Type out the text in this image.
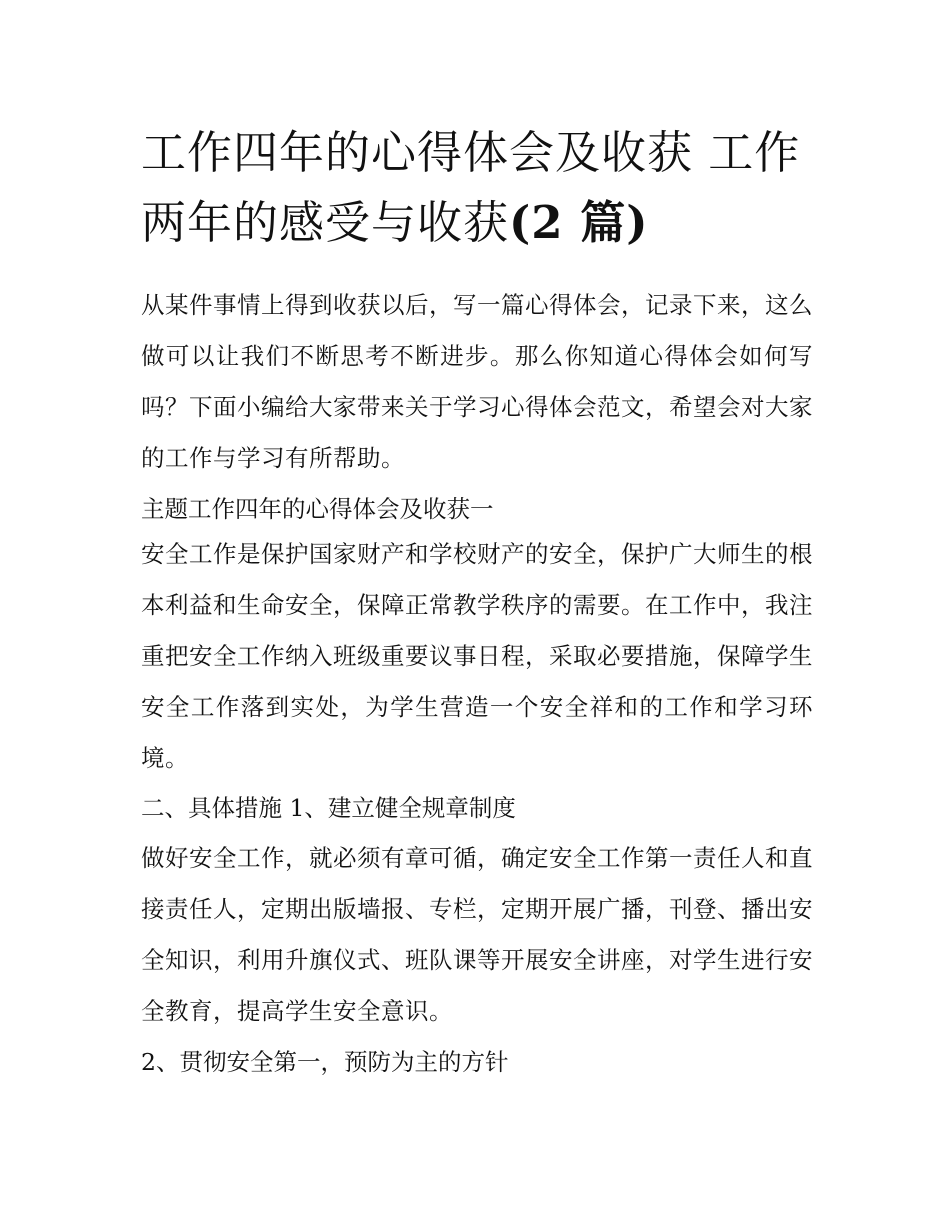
工作四年的心得体会及收获 工作两年的感受与收获(2 篇)

从某件事情上得到收获以后，写一篇心得体会，记录下来，这么做可以让我们不断思考不断进步。那么你知道心得体会如何写吗？下面小编给大家带来关于学习心得体会范文，希望会对大家的工作与学习有所帮助。

主题工作四年的心得体会及收获一

安全工作是保护国家财产和学校财产的安全，保护广大师生的根本利益和生命安全，保障正常教学秩序的需要。在工作中，我注重把安全工作纳入班级重要议事日程，采取必要措施，保障学生安全工作落到实处，为学生营造一个安全祥和的工作和学习环境。

二、具体措施 1、建立健全规章制度

做好安全工作，就必须有章可循，确定安全工作第一责任人和直接责任人，定期出版墙报、专栏，定期开展广播，刊登、播出安全知识，利用升旗仪式、班队课等开展安全讲座，对学生进行安全教育，提高学生安全意识。

2、贯彻安全第一，预防为主的方针
